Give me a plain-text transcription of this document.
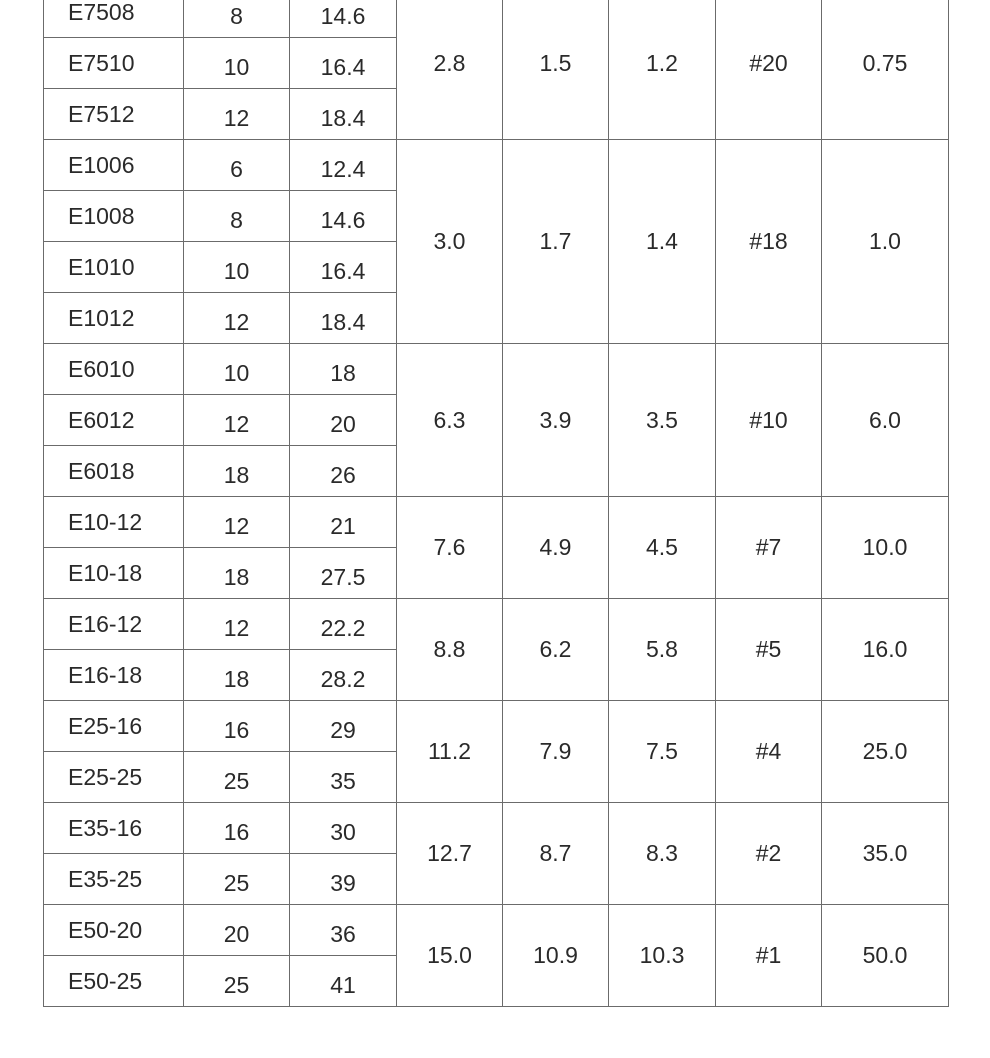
E7508	8	14.6	2.8	1.5	1.2	#20	0.75
E7510	10	16.4					
E7512	12	18.4					
E1006	6	12.4	3.0	1.7	1.4	#18	1.0
E1008	8	14.6					
E1010	10	16.4					
E1012	12	18.4					
E6010	10	18	6.3	3.9	3.5	#10	6.0
E6012	12	20					
E6018	18	26					
E10-12	12	21	7.6	4.9	4.5	#7	10.0
E10-18	18	27.5					
E16-12	12	22.2	8.8	6.2	5.8	#5	16.0
E16-18	18	28.2					
E25-16	16	29	11.2	7.9	7.5	#4	25.0
E25-25	25	35					
E35-16	16	30	12.7	8.7	8.3	#2	35.0
E35-25	25	39					
E50-20	20	36	15.0	10.9	10.3	#1	50.0
E50-25	25	41					
